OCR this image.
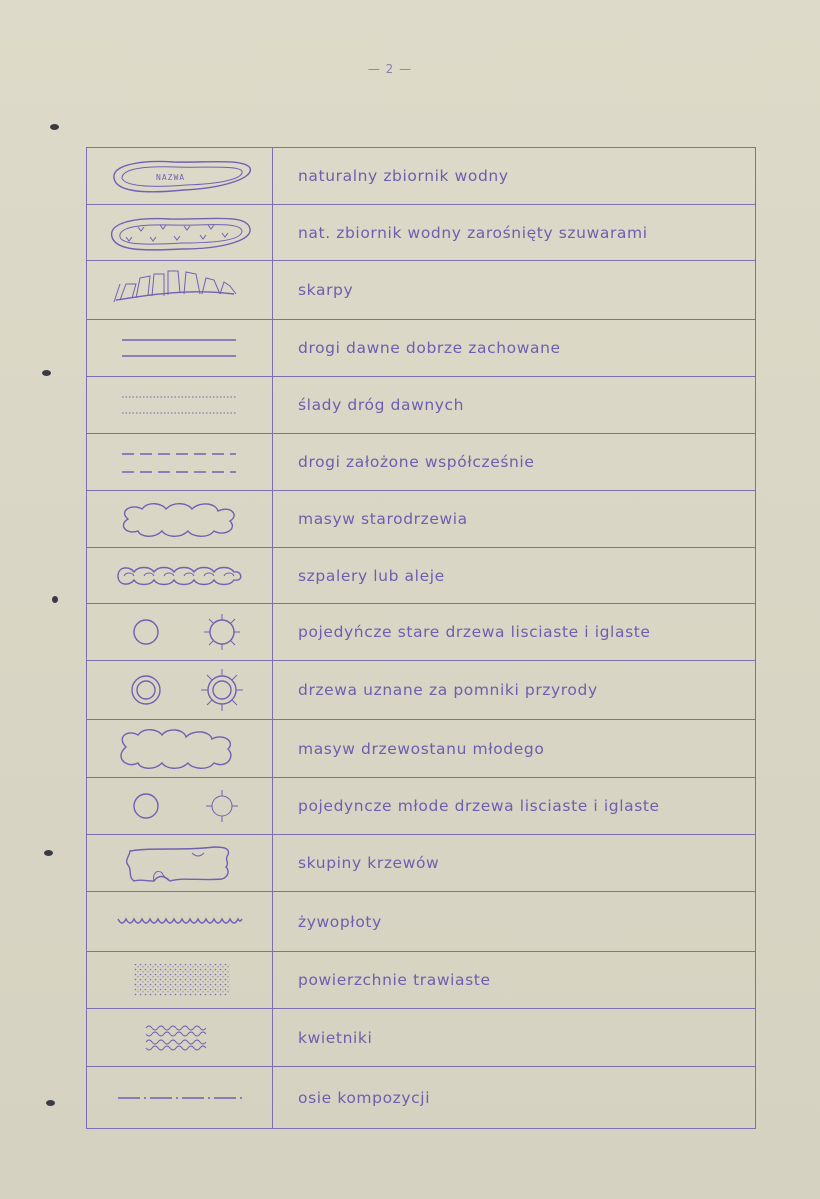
— 2 —
NAZWA	naturalny zbiornik wodny
nat. zbiornik wodny zarośnięty szuwarami
skarpy
drogi dawne dobrze zachowane
ślady dróg dawnych
drogi założone współcześnie
masyw starodrzewia
szpalery lub aleje
pojedyńcze stare drzewa lisciaste i iglaste
drzewa uznane za pomniki przyrody
masyw drzewostanu młodego
pojedyncze młode drzewa lisciaste i iglaste
skupiny krzewów
żywopłoty
powierzchnie trawiaste
kwietniki
osie kompozycji
